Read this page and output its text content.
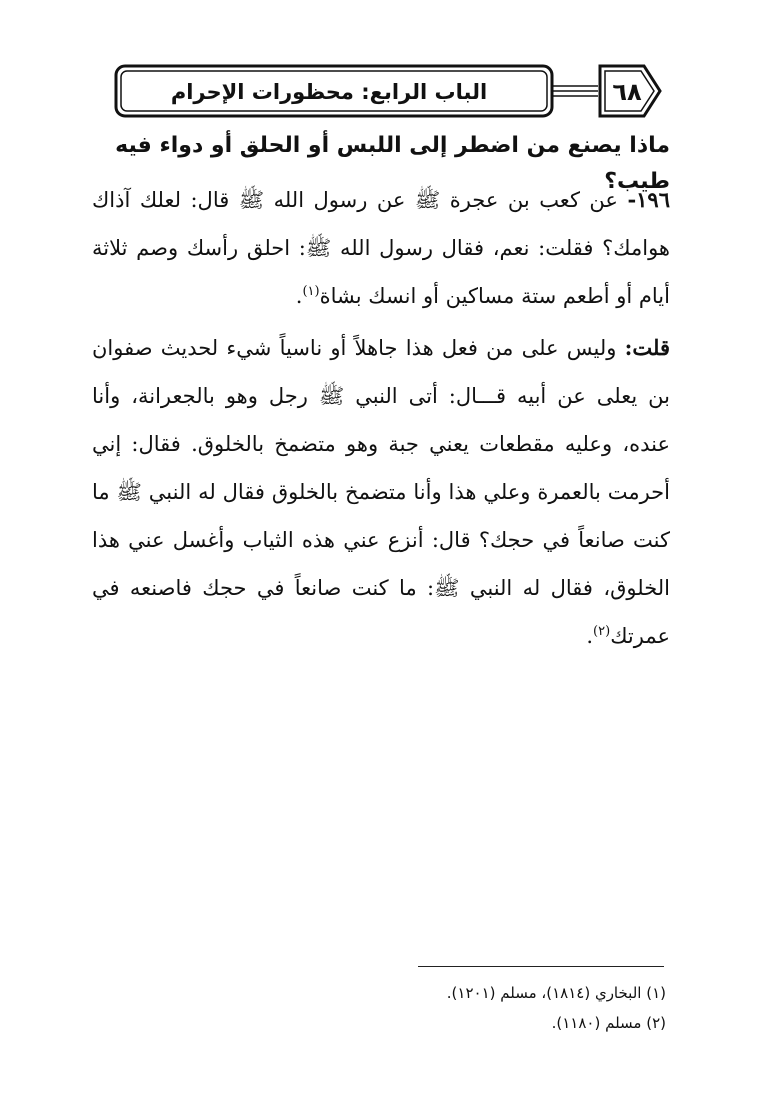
الباب الرابع: محظورات الإحرام	٦٨
ماذا يصنع من اضطر إلى اللبس أو الحلق أو دواء فيه طيب؟

١٩٦- عن كعب بن عجرة ﷺ عن رسول الله ﷺ قال: لعلك آذاك هوامك؟ فقلت: نعم، فقال رسول الله ﷺ: احلق رأسك وصم ثلاثة أيام أو أطعم ستة مساكين أو انسك بشاة$^{(١)}$.

قلت: وليس على من فعل هذا جاهلاً أو ناسياً شيء لحديث صفوان بن يعلى عن أبيه قـــال: أتى النبي ﷺ رجل وهو بالجعرانة، وأنا عنده، وعليه مقطعات يعني جبة وهو متضمخ بالخلوق. فقال: إني أحرمت بالعمرة وعلي هذا وأنا متضمخ بالخلوق فقال له النبي ﷺ ما كنت صانعاً في حجك؟ قال: أنزع عني هذه الثياب وأغسل عني هذا الخلوق، فقال له النبي ﷺ: ما كنت صانعاً في حجك فاصنعه في عمرتك$^{(٢)}$.

(١) البخاري (١٨١٤)، مسلم (١٢٠١).

(٢) مسلم (١١٨٠).
